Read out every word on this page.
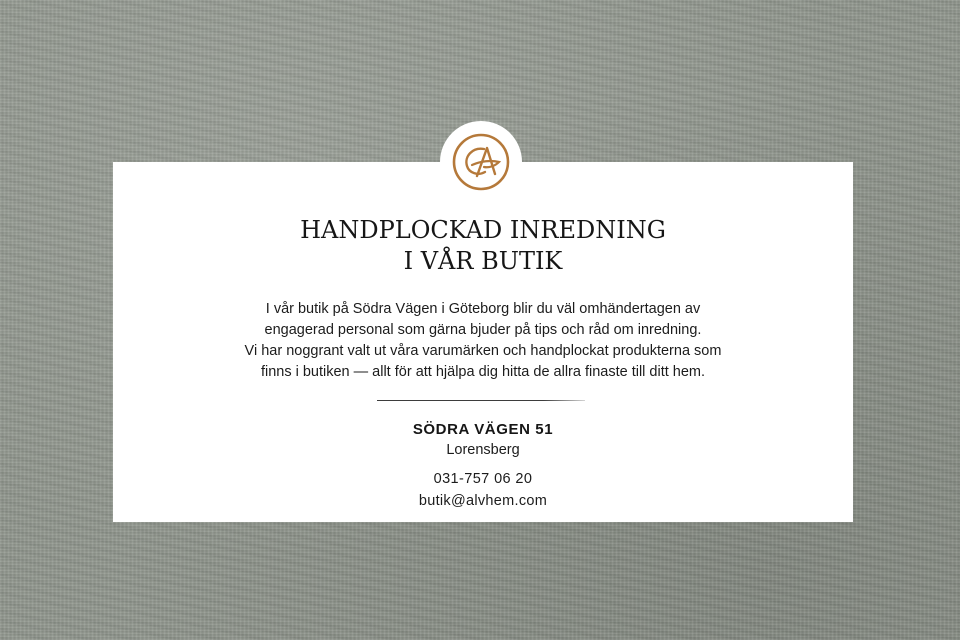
HANDPLOCKAD INREDNING
I VÅR BUTIK

I vår butik på Södra Vägen i Göteborg blir du väl omhändertagen av
engagerad personal som gärna bjuder på tips och råd om inredning.
Vi har noggrant valt ut våra varumärken och handplockat produkterna som
finns i butiken — allt för att hjälpa dig hitta de allra finaste till ditt hem.

SÖDRA VÄGEN 51
Lorensberg
031-757 06 20
butik@alvhem.com
